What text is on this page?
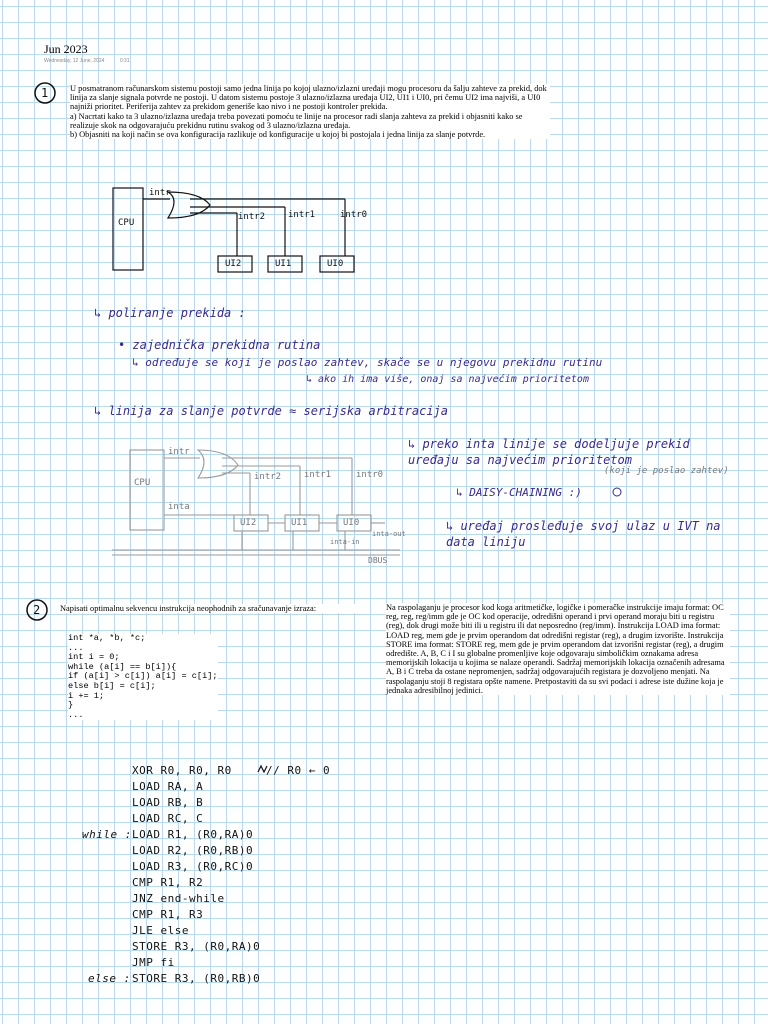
Jun 2023
Wednesday, 12 June, 2024	0:31
1	U posmatranom računarskom sistemu postoji samo jedna linija po kojoj ulazno/izlazni uređaji mogu procesoru da šalju zahteve za prekid, dok linija za slanje signala potvrde ne postoji. U datom sistemu postoje 3 ulazno/izlazna uređaja UI2, UI1 i UI0, pri čemu UI2 ima najviši, a UI0 najniži prioritet. Periferija zahtev za prekidom generiše kao nivo i ne postoji kontroler prekida.
a) Nacrtati kako ta 3 ulazno/izlazna uređaja treba povezati pomoću te linije na procesor radi slanja zahteva za prekid i objasniti kako se realizuje skok na odgovarajuću prekidnu rutinu svakog od 3 ulazno/izlazna uređaja.
b) Objasniti na koji način se ova konfiguracija razlikuje od konfiguracije u kojoj bi postojala i jedna linija za slanje potvrde.
CPU
intr
intr2	intr1	intr0
UI2	UI1	UI0
↳ poliranje prekida :
• zajednička prekidna rutina
↳ određuje se koji je poslao zahtev, skače se u njegovu prekidnu rutinu
↳ ako ih ima više, onaj sa najvećim prioritetom
↳ linija za slanje potvrde ≈ serijska arbitracija
CPU
intr
inta
intr2	intr1	intr0
UI2	UI1	UI0
inta-out
inta-in
DBUS
↳ preko inta linije se dodeljuje prekid uređaju sa najvećim prioritetom
(koji je poslao zahtev)
↳ DAISY-CHAINING :)
↳ uređaj prosleđuje svoj ulaz u IVT na data liniju
2 Napisati optimalnu sekvencu instrukcija neophodnih za sračunavanje izraza:
int *a, *b, *c;
...
int i = 0;
while (a[i] == b[i]){
if (a[i] > c[i]) a[i] = c[i];
else b[i] = c[i];
i += 1;
}
...
Na raspolaganju je procesor kod koga aritmetičke, logičke i pomeračke instrukcije imaju format: OC reg, reg, reg/imm gde je OC kod operacije, odredišni operand i prvi operand moraju biti u registru (reg), dok drugi može biti ili u registru ili dat neposredno (reg/imm). Instrukcija LOAD ima format: LOAD reg, mem gde je prvim operandom dat odredišni registar (reg), a drugim izvorište. Instrukcija STORE ima format: STORE reg, mem gde je prvim operandom dat izvorišni registar (reg), a drugim odredište. A, B, C i I su globalne promenljive koje odgovaraju simboličkim oznakama adresa memorijskih lokacija u kojima se nalaze operandi. Sadržaj memorijskih lokacija označenih adresama A, B i C treba da ostane nepromenjen, sadržaj odgovarajućih registara je dozvoljeno menjati. Na raspolaganju stoji 8 registara opšte namene. Pretpostaviti da su svi podaci i adrese iste dužine koja je jednaka adresibilnoj jedinici.
XOR R0, R0, R0	// R0 ← 0
LOAD RA, A
LOAD RB, B
LOAD RC, C
while : LOAD R1, (R0,RA)0
LOAD R2, (R0,RB)0
LOAD R3, (R0,RC)0
CMP R1, R2
JNZ end-while
CMP R1, R3
JLE else
STORE R3, (R0,RA)0
JMP fi
else : STORE R3, (R0,RB)0
